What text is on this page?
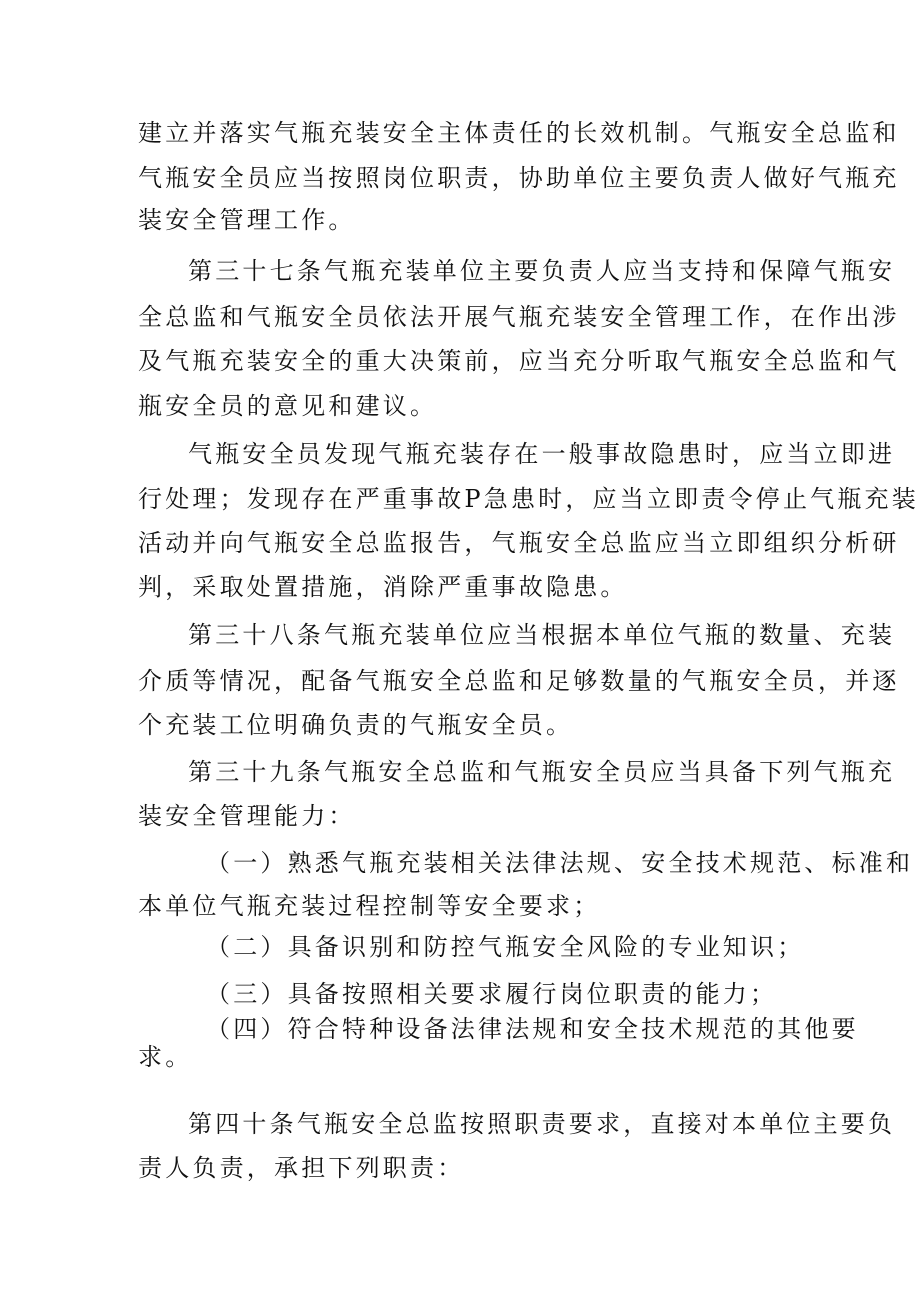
建立并落实气瓶充装安全主体责任的长效机制。气瓶安全总监和
气瓶安全员应当按照岗位职责，协助单位主要负责人做好气瓶充
装安全管理工作。
第三十七条气瓶充装单位主要负责人应当支持和保障气瓶安
全总监和气瓶安全员依法开展气瓶充装安全管理工作，在作出涉
及气瓶充装安全的重大决策前，应当充分听取气瓶安全总监和气
瓶安全员的意见和建议。
气瓶安全员发现气瓶充装存在一般事故隐患时，应当立即进
行处理；发现存在严重事故P急患时，应当立即责令停止气瓶充装
活动并向气瓶安全总监报告，气瓶安全总监应当立即组织分析研
判，采取处置措施，消除严重事故隐患。
第三十八条气瓶充装单位应当根据本单位气瓶的数量、充装
介质等情况，配备气瓶安全总监和足够数量的气瓶安全员，并逐
个充装工位明确负责的气瓶安全员。
第三十九条气瓶安全总监和气瓶安全员应当具备下列气瓶充
装安全管理能力：
（一）熟悉气瓶充装相关法律法规、安全技术规范、标准和
本单位气瓶充装过程控制等安全要求；
（二）具备识别和防控气瓶安全风险的专业知识；
（三）具备按照相关要求履行岗位职责的能力；
（四）符合特种设备法律法规和安全技术规范的其他要
求。
第四十条气瓶安全总监按照职责要求，直接对本单位主要负
责人负责，承担下列职责：
